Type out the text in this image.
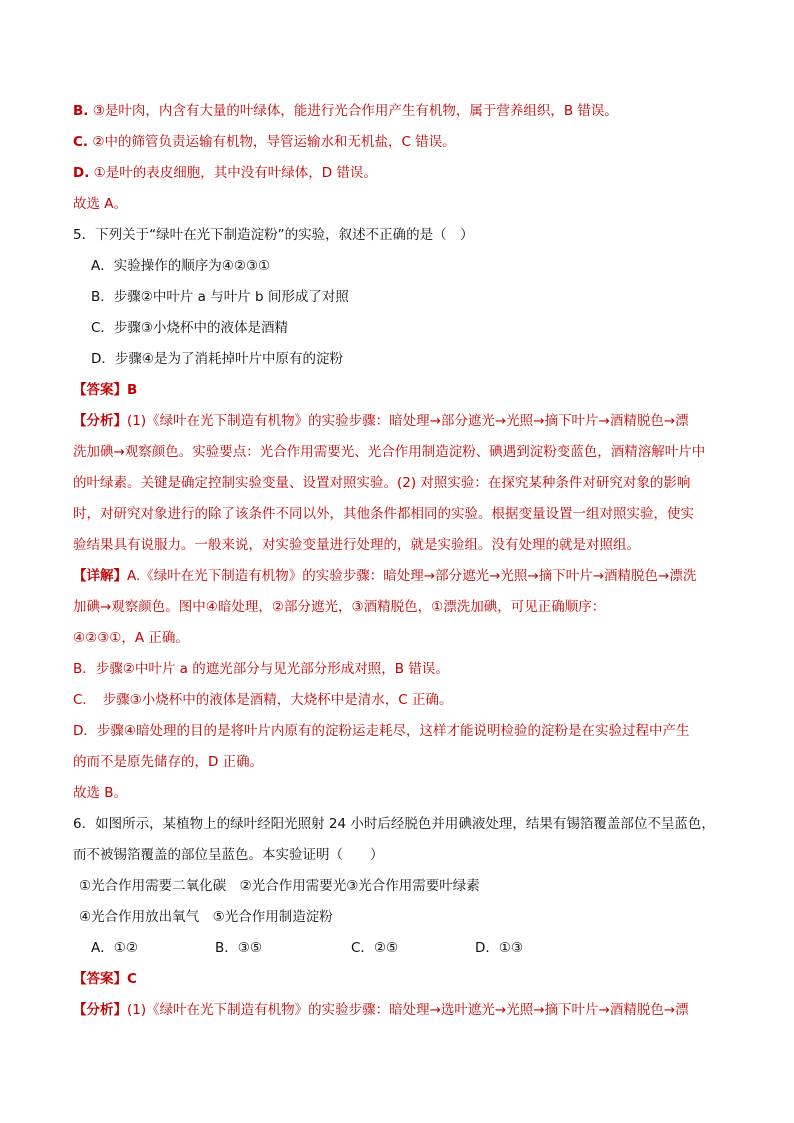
B. ③是叶肉，内含有大量的叶绿体，能进行光合作用产生有机物，属于营养组织，B 错误。
C. ②中的筛管负责运输有机物，导管运输水和无机盐，C 错误。
D. ①是叶的表皮细胞，其中没有叶绿体，D 错误。
故选 A。
5．下列关于“绿叶在光下制造淀粉”的实验，叙述不正确的是（　）
A．实验操作的顺序为④②③①
B．步骤②中叶片 a 与叶片 b 间形成了对照
C．步骤③小烧杯中的液体是酒精
D．步骤④是为了消耗掉叶片中原有的淀粉
【答案】B
【分析】(1)《绿叶在光下制造有机物》的实验步骤：暗处理→部分遮光→光照→摘下叶片→酒精脱色→漂
洗加碘→观察颜色。实验要点：光合作用需要光、光合作用制造淀粉、碘遇到淀粉变蓝色，酒精溶解叶片中
的叶绿素。关键是确定控制实验变量、设置对照实验。(2) 对照实验：在探究某种条件对研究对象的影响
时，对研究对象进行的除了该条件不同以外，其他条件都相同的实验。根据变量设置一组对照实验，使实
验结果具有说服力。一般来说，对实验变量进行处理的，就是实验组。没有处理的就是对照组。
【详解】A.《绿叶在光下制造有机物》的实验步骤：暗处理→部分遮光→光照→摘下叶片→酒精脱色→漂洗
加碘→观察颜色。图中④暗处理，②部分遮光，③酒精脱色，①漂洗加碘，可见正确顺序：
④②③①，A 正确。
B．步骤②中叶片 a 的遮光部分与见光部分形成对照，B 错误。
C．　步骤③小烧杯中的液体是酒精，大烧杯中是清水，C 正确。
D．步骤④暗处理的目的是将叶片内原有的淀粉运走耗尽，这样才能说明检验的淀粉是在实验过程中产生
的而不是原先储存的，D 正确。
故选 B。
6．如图所示，某植物上的绿叶经阳光照射 24 小时后经脱色并用碘液处理，结果有锡箔覆盖部位不呈蓝色，
而不被锡箔覆盖的部位呈蓝色。本实验证明（　　）
①光合作用需要二氧化碳　②光合作用需要光③光合作用需要叶绿素
④光合作用放出氧气　⑤光合作用制造淀粉
A．①②	B．③⑤	C．②⑤	D．①③
【答案】C
【分析】(1)《绿叶在光下制造有机物》的实验步骤：暗处理→选叶遮光→光照→摘下叶片→酒精脱色→漂
